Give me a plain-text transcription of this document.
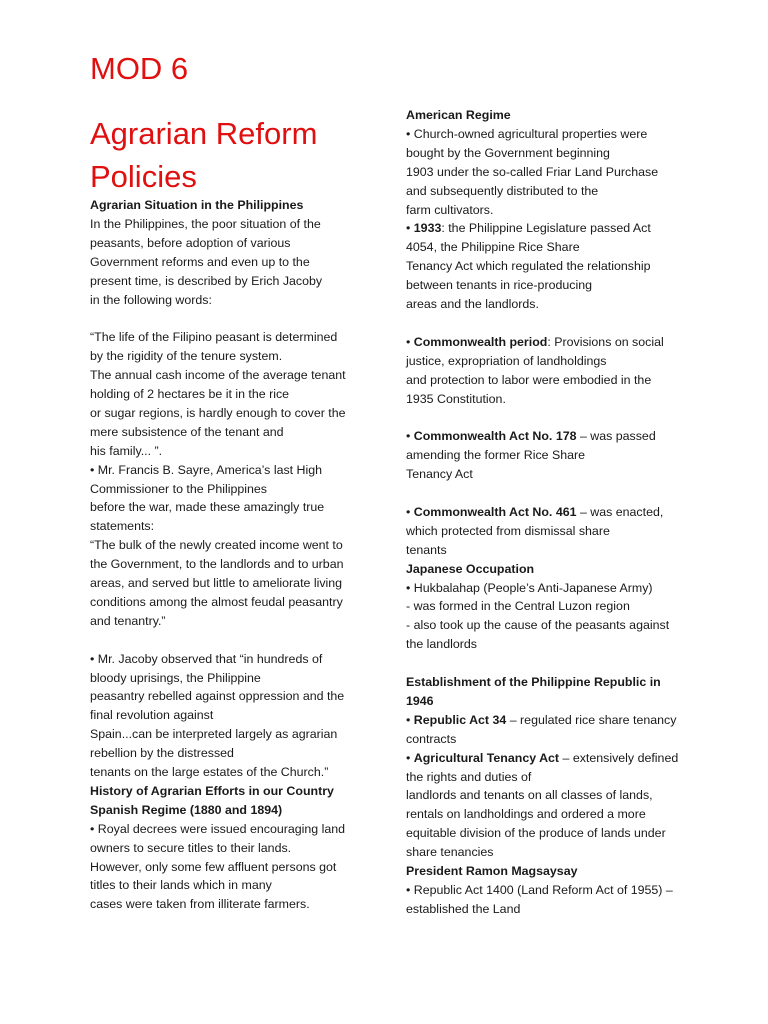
MOD 6
Agrarian Reform Policies
Agrarian Situation in the Philippines
In the Philippines, the poor situation of the
peasants, before adoption of various
Government reforms and even up to the
present time, is described by Erich Jacoby
in the following words:
“The life of the Filipino peasant is determined
by the rigidity of the tenure system.
The annual cash income of the average tenant
holding of 2 hectares be it in the rice
or sugar regions, is hardly enough to cover the
mere subsistence of the tenant and
his family... ”.
• Mr. Francis B. Sayre, America’s last High
Commissioner to the Philippines
before the war, made these amazingly true
statements:
“The bulk of the newly created income went to
the Government, to the landlords and to urban
areas, and served but little to ameliorate living
conditions among the almost feudal peasantry
and tenantry.”
• Mr. Jacoby observed that “in hundreds of
bloody uprisings, the Philippine
peasantry rebelled against oppression and the
final revolution against
Spain...can be interpreted largely as agrarian
rebellion by the distressed
tenants on the large estates of the Church.”
History of Agrarian Efforts in our Country
Spanish Regime (1880 and 1894)
• Royal decrees were issued encouraging land
owners to secure titles to their lands.
However, only some few affluent persons got
titles to their lands which in many
cases were taken from illiterate farmers.
American Regime
• Church-owned agricultural properties were
bought by the Government beginning
1903 under the so-called Friar Land Purchase
and subsequently distributed to the
farm cultivators.
• 1933: the Philippine Legislature passed Act
4054, the Philippine Rice Share
Tenancy Act which regulated the relationship
between tenants in rice-producing
areas and the landlords.
• Commonwealth period: Provisions on social
justice, expropriation of landholdings
and protection to labor were embodied in the
1935 Constitution.
• Commonwealth Act No. 178 – was passed
amending the former Rice Share
Tenancy Act
• Commonwealth Act No. 461 – was enacted,
which protected from dismissal share
tenants
Japanese Occupation
• Hukbalahap (People’s Anti-Japanese Army)
- was formed in the Central Luzon region
- also took up the cause of the peasants against
the landlords
Establishment of the Philippine Republic in
1946
• Republic Act 34 – regulated rice share tenancy
contracts
• Agricultural Tenancy Act – extensively defined
the rights and duties of
landlords and tenants on all classes of lands,
rentals on landholdings and ordered a more
equitable division of the produce of lands under
share tenancies
President Ramon Magsaysay
• Republic Act 1400 (Land Reform Act of 1955) –
established the Land
